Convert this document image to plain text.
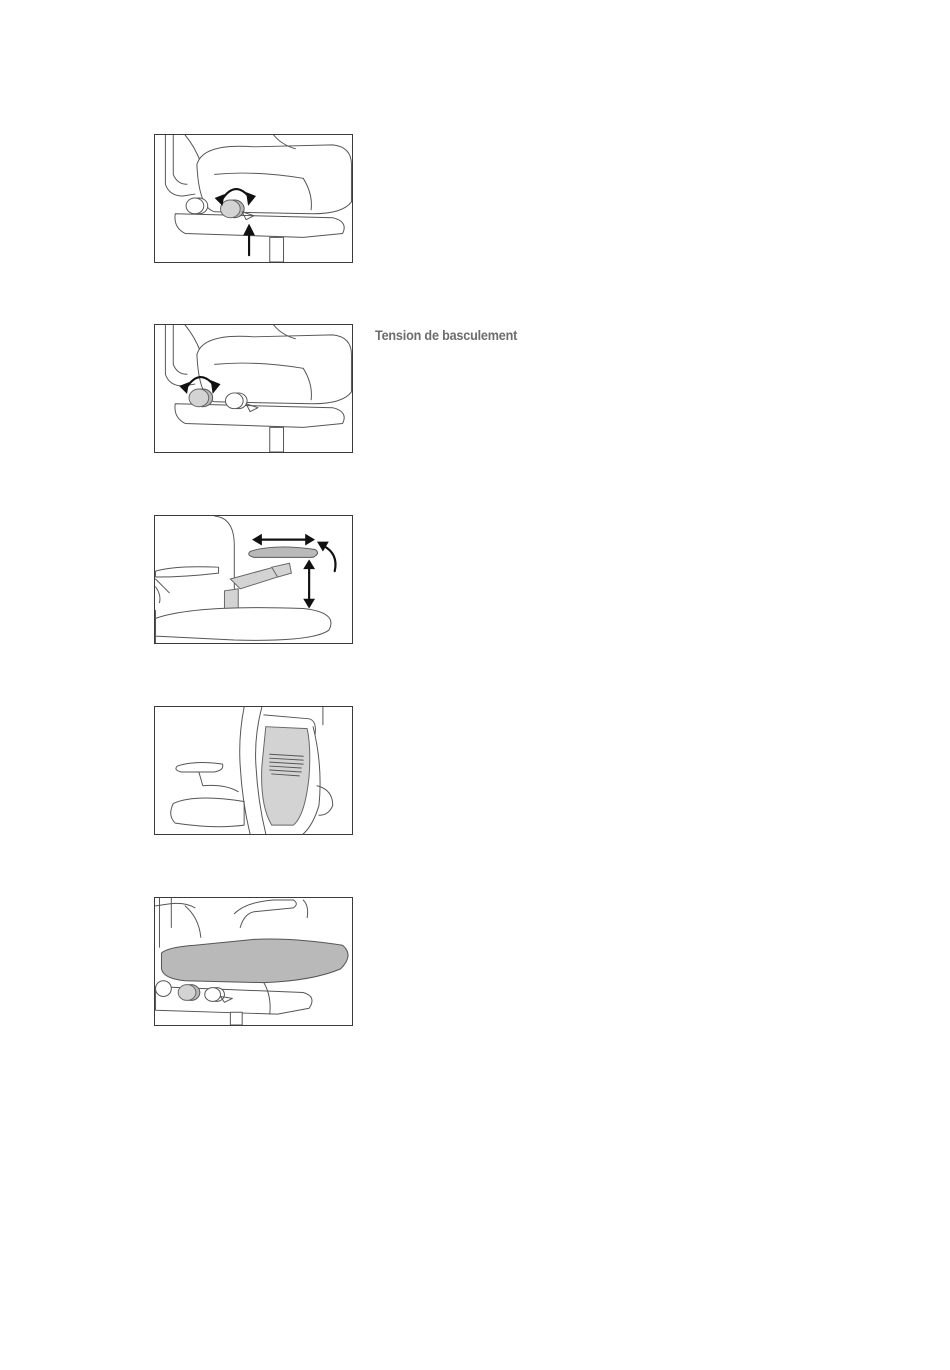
Tension de basculement
